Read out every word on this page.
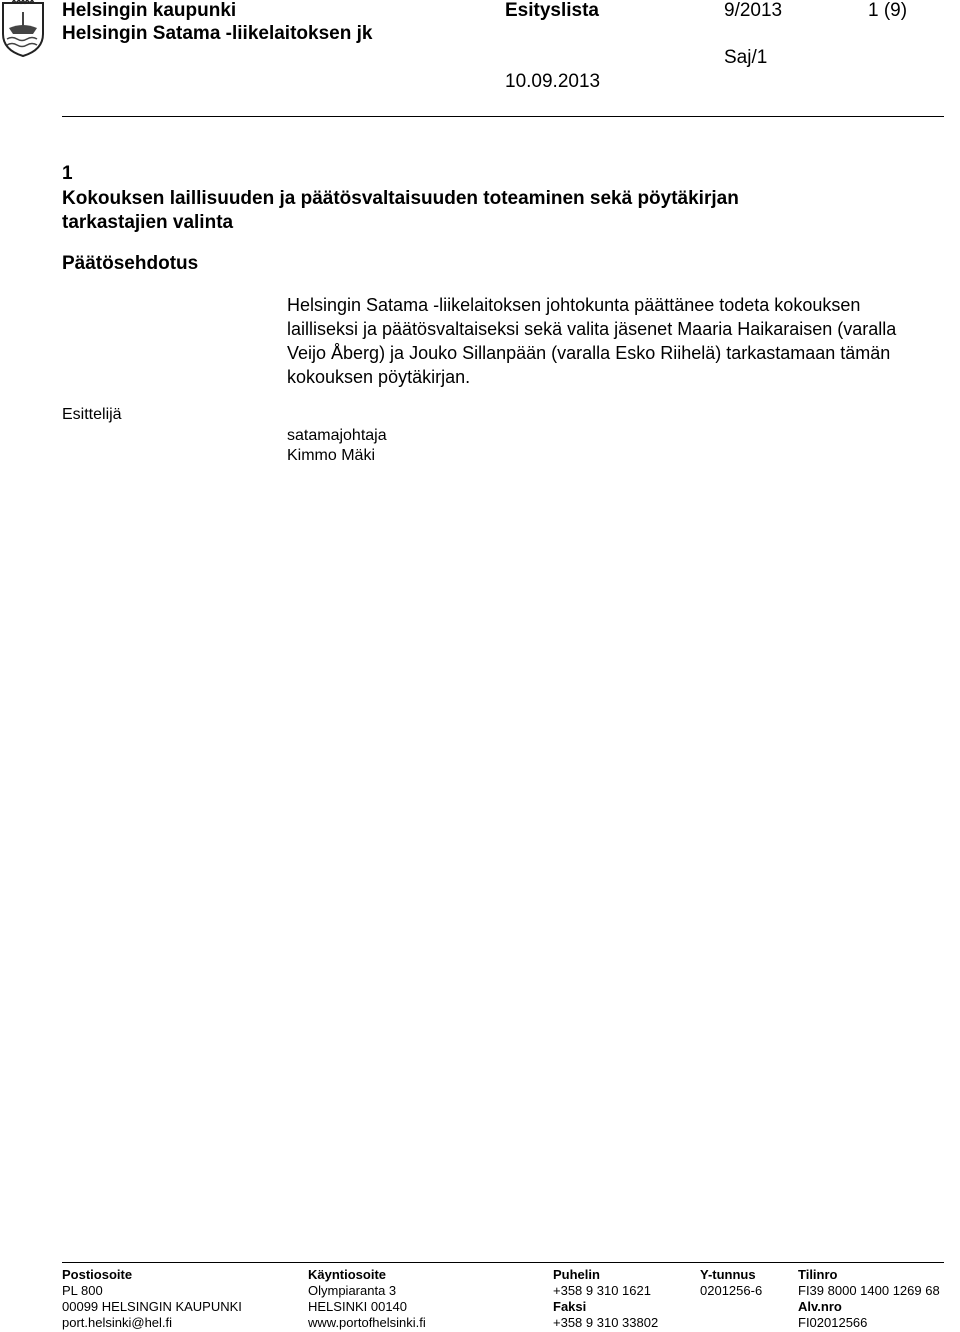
Helsingin kaupunki
Helsingin Satama -liikelaitoksen jk
Esityslista	9/2013	1 (9)
Saj/1
10.09.2013
1
Kokouksen laillisuuden ja päätösvaltaisuuden toteaminen sekä pöytäkirjan tarkastajien valinta
Päätösehdotus
Helsingin Satama -liikelaitoksen johtokunta päättänee todeta kokouksen lailliseksi ja päätösvaltaiseksi sekä valita jäsenet Maaria Haikaraisen (varalla Veijo Åberg) ja Jouko Sillanpään (varalla Esko Riihelä) tarkastamaan tämän kokouksen pöytäkirjan.
Esittelijä
satamajohtaja
Kimmo Mäki
Postiosoite
PL 800
00099 HELSINGIN KAUPUNKI
port.helsinki@hel.fi
Käyntiosoite
Olympiaranta 3
HELSINKI 00140
www.portofhelsinki.fi
Puhelin
+358 9 310 1621
Faksi
+358 9 310 33802
Y-tunnus
0201256-6
Tilinro
FI39 8000 1400 1269 68
Alv.nro
FI02012566
